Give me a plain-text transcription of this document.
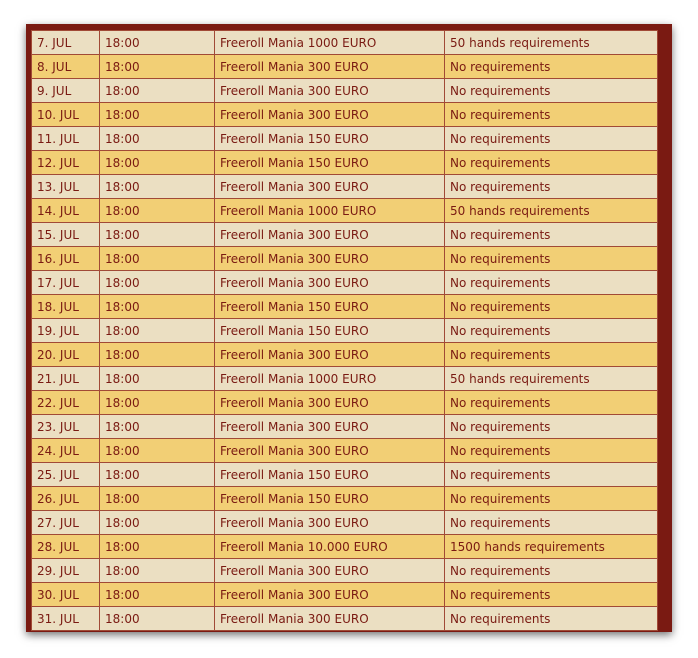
7. JUL	18:00	Freeroll Mania 1000 EURO	50 hands requirements
8. JUL	18:00	Freeroll Mania 300 EURO	No requirements
9. JUL	18:00	Freeroll Mania 300 EURO	No requirements
10. JUL	18:00	Freeroll Mania 300 EURO	No requirements
11. JUL	18:00	Freeroll Mania 150 EURO	No requirements
12. JUL	18:00	Freeroll Mania 150 EURO	No requirements
13. JUL	18:00	Freeroll Mania 300 EURO	No requirements
14. JUL	18:00	Freeroll Mania 1000 EURO	50 hands requirements
15. JUL	18:00	Freeroll Mania 300 EURO	No requirements
16. JUL	18:00	Freeroll Mania 300 EURO	No requirements
17. JUL	18:00	Freeroll Mania 300 EURO	No requirements
18. JUL	18:00	Freeroll Mania 150 EURO	No requirements
19. JUL	18:00	Freeroll Mania 150 EURO	No requirements
20. JUL	18:00	Freeroll Mania 300 EURO	No requirements
21. JUL	18:00	Freeroll Mania 1000 EURO	50 hands requirements
22. JUL	18:00	Freeroll Mania 300 EURO	No requirements
23. JUL	18:00	Freeroll Mania 300 EURO	No requirements
24. JUL	18:00	Freeroll Mania 300 EURO	No requirements
25. JUL	18:00	Freeroll Mania 150 EURO	No requirements
26. JUL	18:00	Freeroll Mania 150 EURO	No requirements
27. JUL	18:00	Freeroll Mania 300 EURO	No requirements
28. JUL	18:00	Freeroll Mania 10.000 EURO	1500 hands requirements
29. JUL	18:00	Freeroll Mania 300 EURO	No requirements
30. JUL	18:00	Freeroll Mania 300 EURO	No requirements
31. JUL	18:00	Freeroll Mania 300 EURO	No requirements
